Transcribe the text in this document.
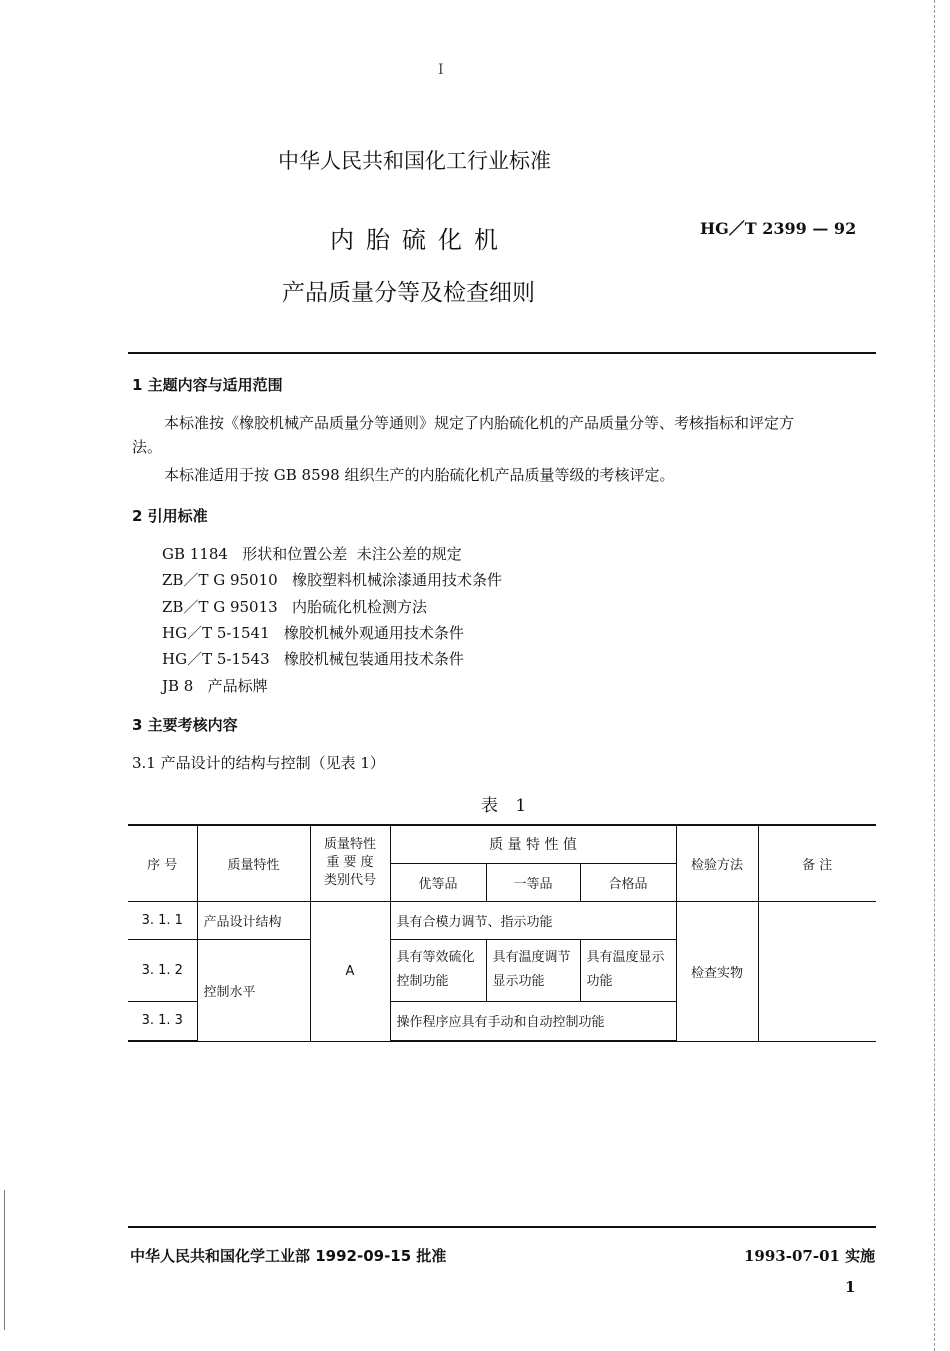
I
中华人民共和国化工行业标准
内胎硫化机	HG／T 2399 — 92
产品质量分等及检查细则
1 主题内容与适用范围
本标准按《橡胶机械产品质量分等通则》规定了内胎硫化机的产品质量分等、考核指标和评定方
法。
本标准适用于按 GB 8598 组织生产的内胎硫化机产品质量等级的考核评定。
2 引用标准
GB 1184   形状和位置公差  未注公差的规定
ZB／T G 95010   橡胶塑料机械涂漆通用技术条件
ZB／T G 95013   内胎硫化机检测方法
HG／T 5-1541   橡胶机械外观通用技术条件
HG／T 5-1543   橡胶机械包装通用技术条件
JB 8   产品标牌
3 主要考核内容
3.1 产品设计的结构与控制（见表 1）
表 1
序 号	质量特性	质量特性
重 要 度
类别代号	质 量 特 性 值			检验方法	备 注
			优等品	一等品	合格品		
3. 1. 1	产品设计结构	A	具有合模力调节、指示功能			检查实物	
3. 1. 2	控制水平		具有等效硫化控制功能	具有温度调节显示功能	具有温度显示功能		
3. 1. 3			操作程序应具有手动和自动控制功能				
中华人民共和国化学工业部 1992-09-15 批准	1993-07-01 实施
1
